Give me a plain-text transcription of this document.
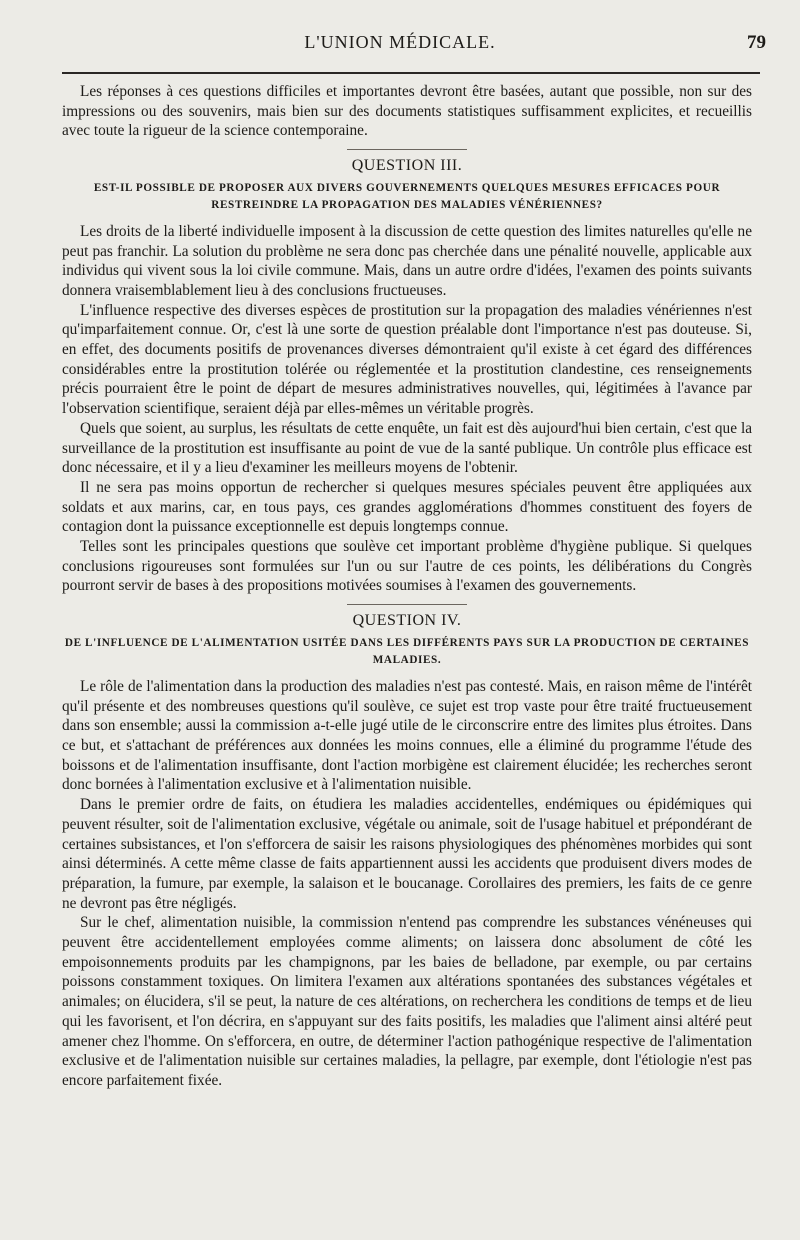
L'UNION MÉDICALE.	79

Les réponses à ces questions difficiles et importantes devront être basées, autant que possible, non sur des impressions ou des souvenirs, mais bien sur des documents statistiques suffisamment explicites, et recueillis avec toute la rigueur de la science contemporaine.

QUESTION III.
EST-IL POSSIBLE DE PROPOSER AUX DIVERS GOUVERNEMENTS QUELQUES MESURES EFFICACES POUR RESTREINDRE LA PROPAGATION DES MALADIES VÉNÉRIENNES?

Les droits de la liberté individuelle imposent à la discussion de cette question des limites naturelles qu'elle ne peut pas franchir. La solution du problème ne sera donc pas cherchée dans une pénalité nouvelle, applicable aux individus qui vivent sous la loi civile commune. Mais, dans un autre ordre d'idées, l'examen des points suivants donnera vraisemblablement lieu à des conclusions fructueuses.

L'influence respective des diverses espèces de prostitution sur la propagation des maladies vénériennes n'est qu'imparfaitement connue. Or, c'est là une sorte de question préalable dont l'importance n'est pas douteuse. Si, en effet, des documents positifs de provenances diverses démontraient qu'il existe à cet égard des différences considérables entre la prostitution tolérée ou réglementée et la prostitution clandestine, ces renseignements précis pourraient être le point de départ de mesures administratives nouvelles, qui, légitimées à l'avance par l'observation scientifique, seraient déjà par elles-mêmes un véritable progrès.

Quels que soient, au surplus, les résultats de cette enquête, un fait est dès aujourd'hui bien certain, c'est que la surveillance de la prostitution est insuffisante au point de vue de la santé publique. Un contrôle plus efficace est donc nécessaire, et il y a lieu d'examiner les meilleurs moyens de l'obtenir.

Il ne sera pas moins opportun de rechercher si quelques mesures spéciales peuvent être appliquées aux soldats et aux marins, car, en tous pays, ces grandes agglomérations d'hommes constituent des foyers de contagion dont la puissance exceptionnelle est depuis longtemps connue.

Telles sont les principales questions que soulève cet important problème d'hygiène publique. Si quelques conclusions rigoureuses sont formulées sur l'un ou sur l'autre de ces points, les délibérations du Congrès pourront servir de bases à des propositions motivées soumises à l'examen des gouvernements.

QUESTION IV.
DE L'INFLUENCE DE L'ALIMENTATION USITÉE DANS LES DIFFÉRENTS PAYS SUR LA PRODUCTION DE CERTAINES MALADIES.

Le rôle de l'alimentation dans la production des maladies n'est pas contesté. Mais, en raison même de l'intérêt qu'il présente et des nombreuses questions qu'il soulève, ce sujet est trop vaste pour être traité fructueusement dans son ensemble; aussi la commission a-t-elle jugé utile de le circonscrire entre des limites plus étroites. Dans ce but, et s'attachant de préférences aux données les moins connues, elle a éliminé du programme l'étude des boissons et de l'alimentation insuffisante, dont l'action morbigène est clairement élucidée; les recherches seront donc bornées à l'alimentation exclusive et à l'alimentation nuisible.

Dans le premier ordre de faits, on étudiera les maladies accidentelles, endémiques ou épidémiques qui peuvent résulter, soit de l'alimentation exclusive, végétale ou animale, soit de l'usage habituel et prépondérant de certaines subsistances, et l'on s'efforcera de saisir les raisons physiologiques des phénomènes morbides qui sont ainsi déterminés. A cette même classe de faits appartiennent aussi les accidents que produisent divers modes de préparation, la fumure, par exemple, la salaison et le boucanage. Corollaires des premiers, les faits de ce genre ne devront pas être négligés.

Sur le chef, alimentation nuisible, la commission n'entend pas comprendre les substances vénéneuses qui peuvent être accidentellement employées comme aliments; on laissera donc absolument de côté les empoisonnements produits par les champignons, par les baies de belladone, par exemple, ou par certains poissons constamment toxiques. On limitera l'examen aux altérations spontanées des substances végétales et animales; on élucidera, s'il se peut, la nature de ces altérations, on recherchera les conditions de temps et de lieu qui les favorisent, et l'on décrira, en s'appuyant sur des faits positifs, les maladies que l'aliment ainsi altéré peut amener chez l'homme. On s'efforcera, en outre, de déterminer l'action pathogénique respective de l'alimentation exclusive et de l'alimentation nuisible sur certaines maladies, la pellagre, par exemple, dont l'étiologie n'est pas encore parfaitement fixée.
